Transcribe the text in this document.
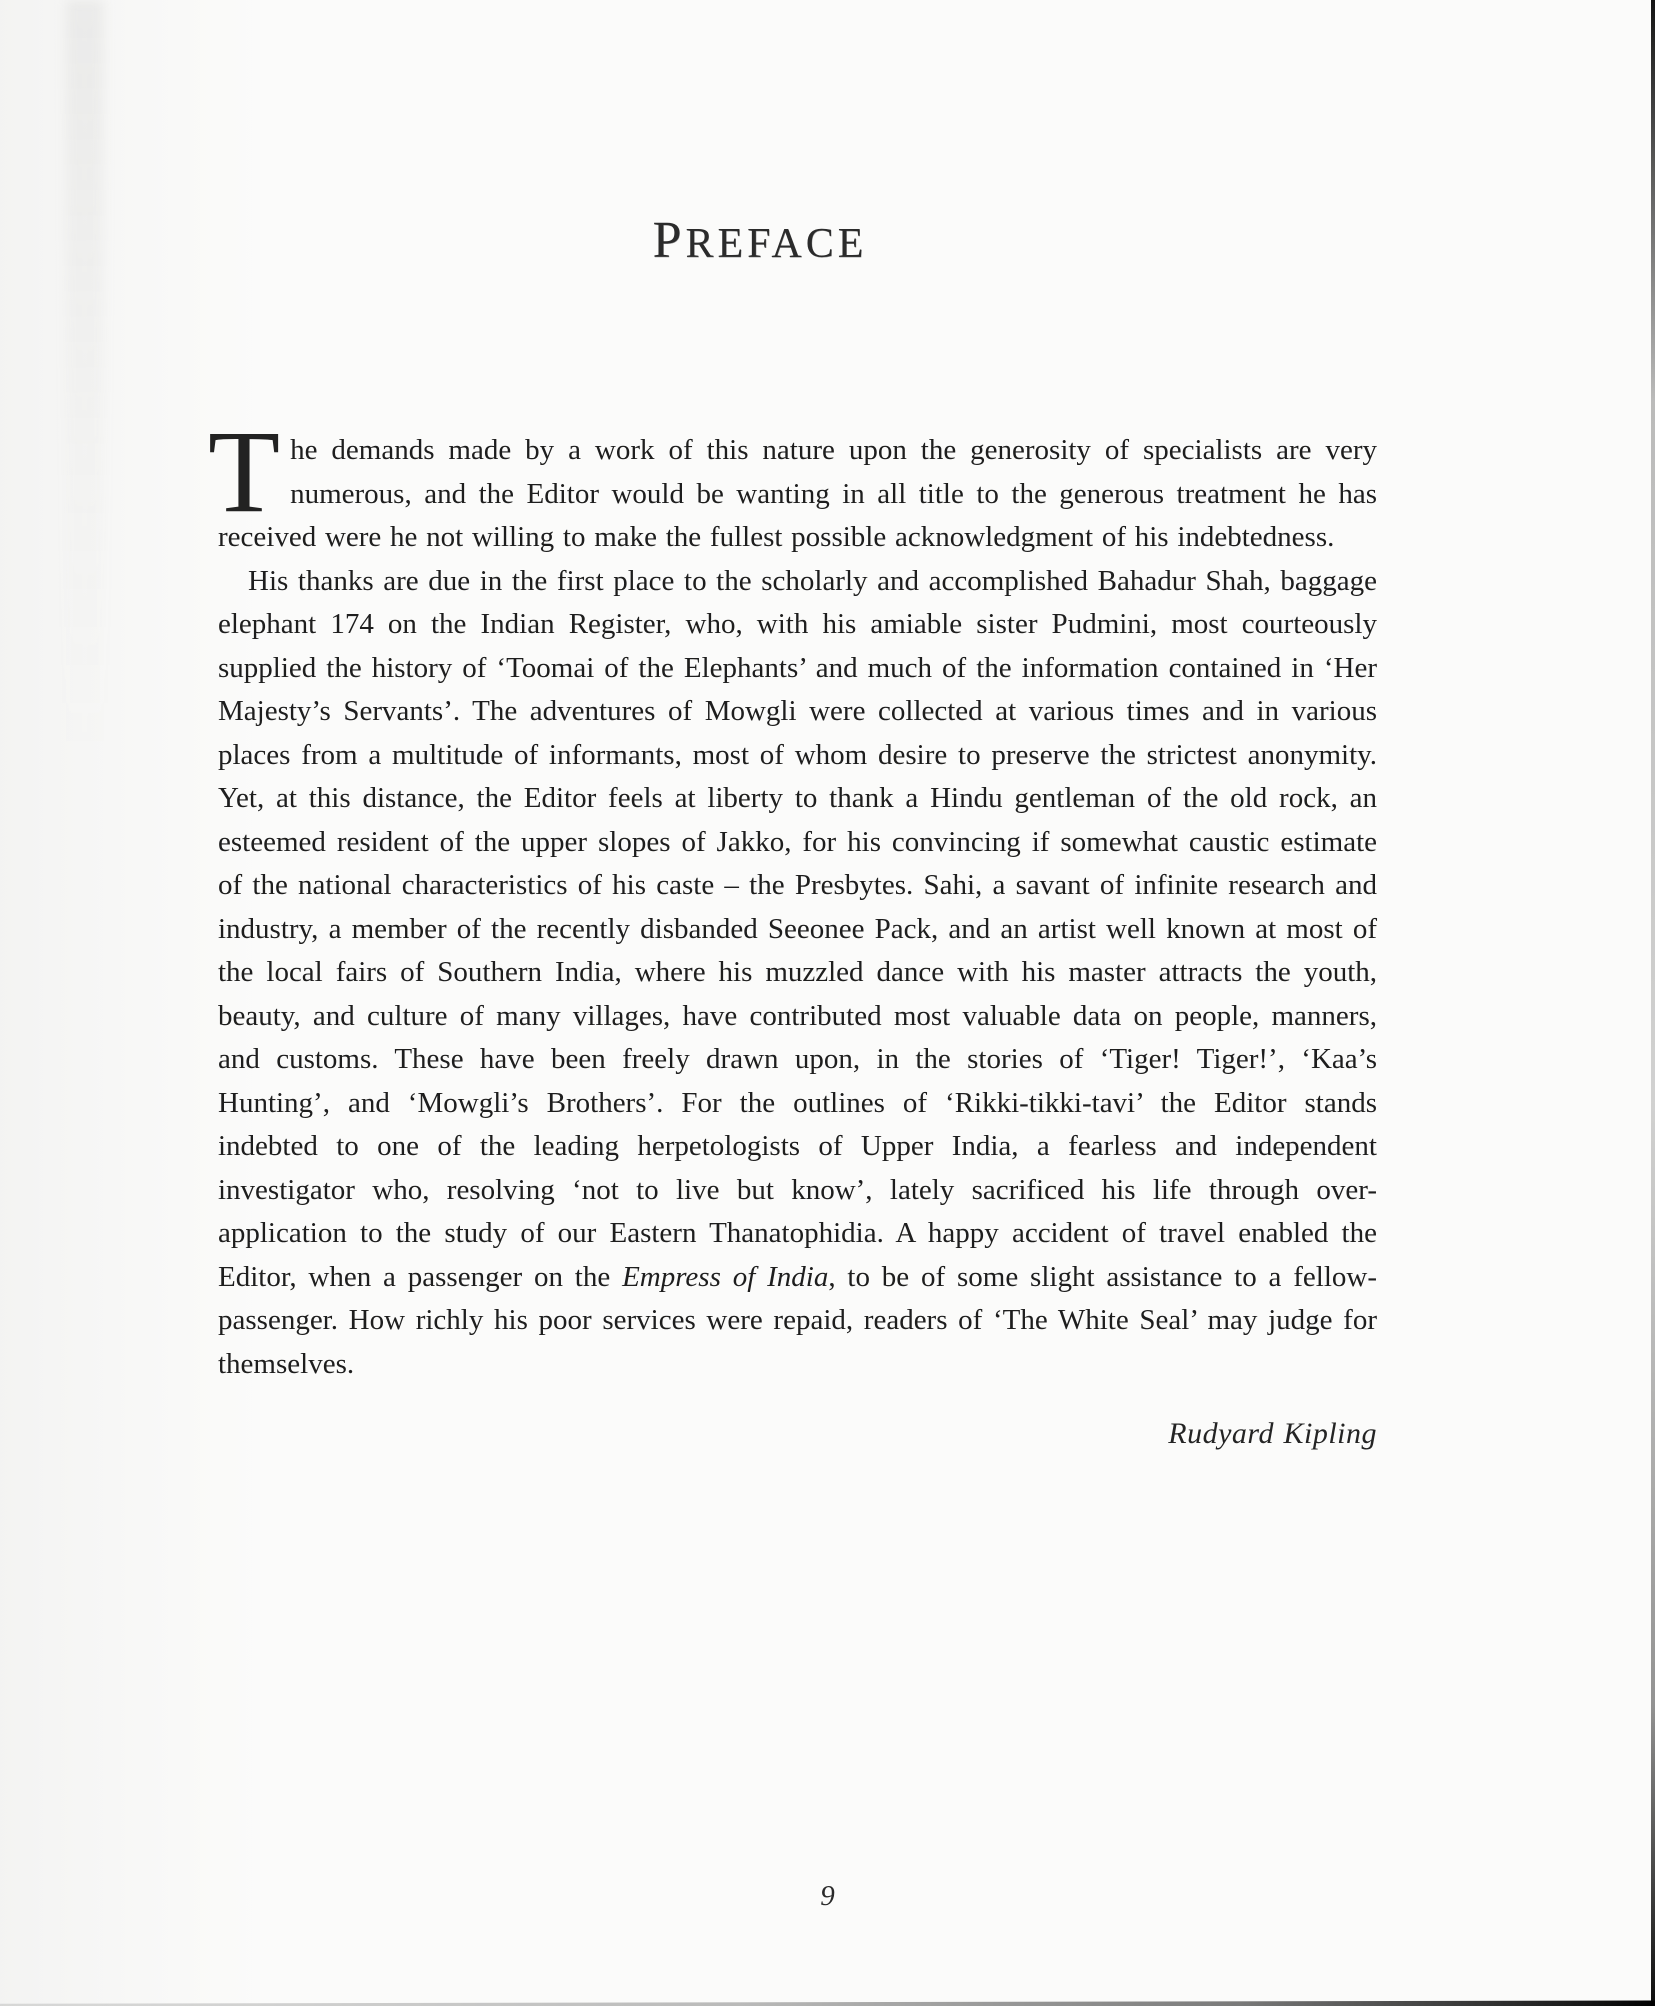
PREFACE

The demands made by a work of this nature upon the generosity of specialists are very numerous, and the Editor would be wanting in all title to the generous treatment he has received were he not willing to make the fullest possible acknowledgment of his indebtedness.

His thanks are due in the first place to the scholarly and accomplished Bahadur Shah, baggage elephant 174 on the Indian Register, who, with his amiable sister Pudmini, most courteously supplied the history of ‘Toomai of the Elephants’ and much of the information contained in ‘Her Majesty’s Servants’. The adventures of Mowgli were collected at various times and in various places from a multitude of informants, most of whom desire to preserve the strictest anonymity. Yet, at this distance, the Editor feels at liberty to thank a Hindu gentleman of the old rock, an esteemed resident of the upper slopes of Jakko, for his convincing if somewhat caustic estimate of the national characteristics of his caste – the Presbytes. Sahi, a savant of infinite research and industry, a member of the recently disbanded Seeonee Pack, and an artist well known at most of the local fairs of Southern India, where his muzzled dance with his master attracts the youth, beauty, and culture of many villages, have contributed most valuable data on people, manners, and customs. These have been freely drawn upon, in the stories of ‘Tiger! Tiger!’, ‘Kaa’s Hunting’, and ‘Mowgli’s Brothers’. For the outlines of ‘Rikki-tikki-tavi’ the Editor stands indebted to one of the leading herpetologists of Upper India, a fearless and independent investigator who, resolving ‘not to live but know’, lately sacrificed his life through over-application to the study of our Eastern Thanatophidia. A happy accident of travel enabled the Editor, when a passenger on the Empress of India, to be of some slight assistance to a fellow-passenger. How richly his poor services were repaid, readers of ‘The White Seal’ may judge for themselves.

Rudyard Kipling
9
